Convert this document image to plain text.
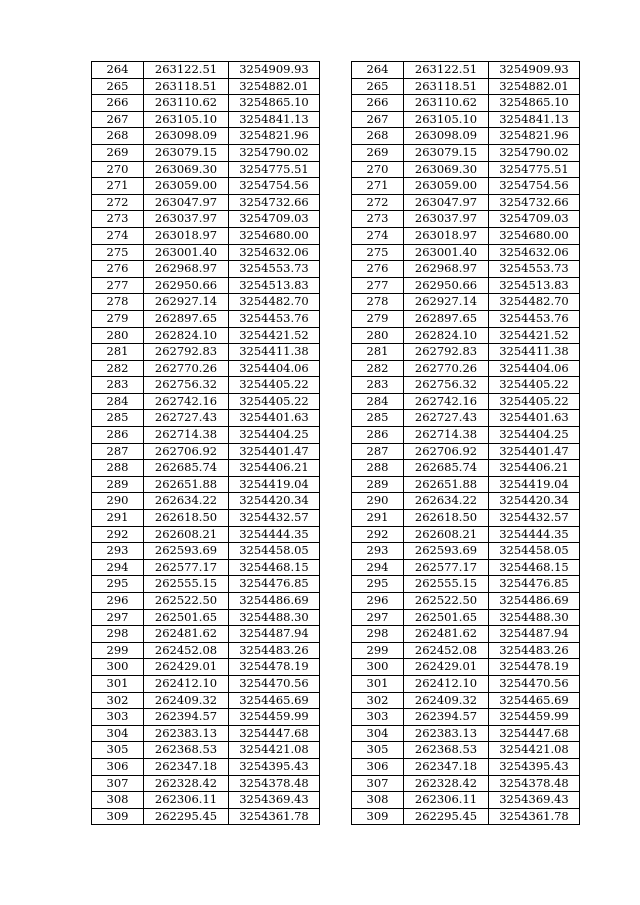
264	263122.51	3254909.93
265	263118.51	3254882.01
266	263110.62	3254865.10
267	263105.10	3254841.13
268	263098.09	3254821.96
269	263079.15	3254790.02
270	263069.30	3254775.51
271	263059.00	3254754.56
272	263047.97	3254732.66
273	263037.97	3254709.03
274	263018.97	3254680.00
275	263001.40	3254632.06
276	262968.97	3254553.73
277	262950.66	3254513.83
278	262927.14	3254482.70
279	262897.65	3254453.76
280	262824.10	3254421.52
281	262792.83	3254411.38
282	262770.26	3254404.06
283	262756.32	3254405.22
284	262742.16	3254405.22
285	262727.43	3254401.63
286	262714.38	3254404.25
287	262706.92	3254401.47
288	262685.74	3254406.21
289	262651.88	3254419.04
290	262634.22	3254420.34
291	262618.50	3254432.57
292	262608.21	3254444.35
293	262593.69	3254458.05
294	262577.17	3254468.15
295	262555.15	3254476.85
296	262522.50	3254486.69
297	262501.65	3254488.30
298	262481.62	3254487.94
299	262452.08	3254483.26
300	262429.01	3254478.19
301	262412.10	3254470.56
302	262409.32	3254465.69
303	262394.57	3254459.99
304	262383.13	3254447.68
305	262368.53	3254421.08
306	262347.18	3254395.43
307	262328.42	3254378.48
308	262306.11	3254369.43
309	262295.45	3254361.78
264	263122.51	3254909.93
265	263118.51	3254882.01
266	263110.62	3254865.10
267	263105.10	3254841.13
268	263098.09	3254821.96
269	263079.15	3254790.02
270	263069.30	3254775.51
271	263059.00	3254754.56
272	263047.97	3254732.66
273	263037.97	3254709.03
274	263018.97	3254680.00
275	263001.40	3254632.06
276	262968.97	3254553.73
277	262950.66	3254513.83
278	262927.14	3254482.70
279	262897.65	3254453.76
280	262824.10	3254421.52
281	262792.83	3254411.38
282	262770.26	3254404.06
283	262756.32	3254405.22
284	262742.16	3254405.22
285	262727.43	3254401.63
286	262714.38	3254404.25
287	262706.92	3254401.47
288	262685.74	3254406.21
289	262651.88	3254419.04
290	262634.22	3254420.34
291	262618.50	3254432.57
292	262608.21	3254444.35
293	262593.69	3254458.05
294	262577.17	3254468.15
295	262555.15	3254476.85
296	262522.50	3254486.69
297	262501.65	3254488.30
298	262481.62	3254487.94
299	262452.08	3254483.26
300	262429.01	3254478.19
301	262412.10	3254470.56
302	262409.32	3254465.69
303	262394.57	3254459.99
304	262383.13	3254447.68
305	262368.53	3254421.08
306	262347.18	3254395.43
307	262328.42	3254378.48
308	262306.11	3254369.43
309	262295.45	3254361.78
